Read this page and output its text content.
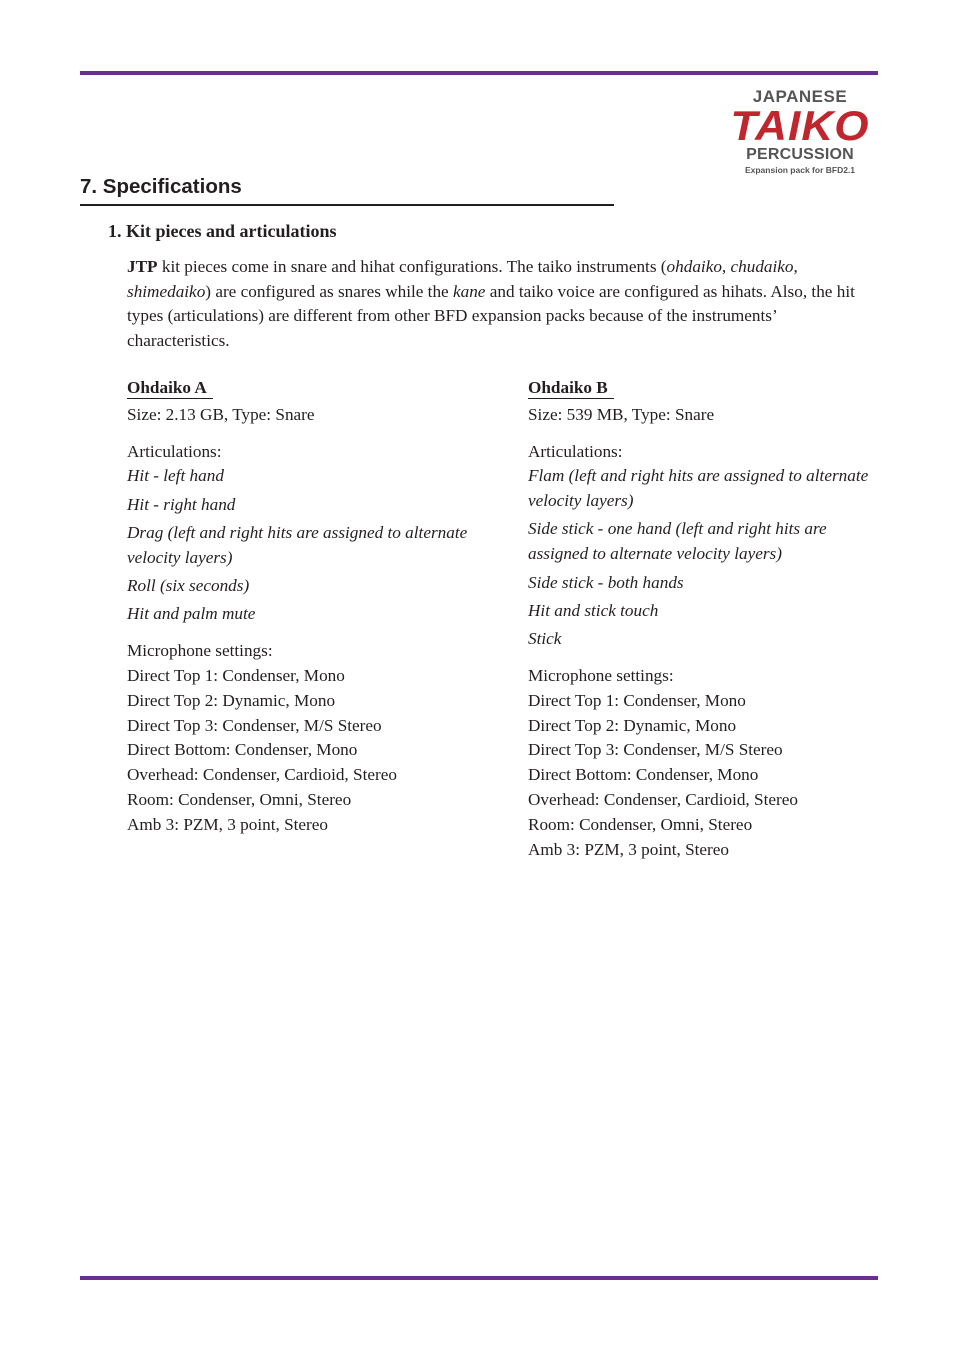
JAPANESE
TAIKO
PERCUSSION
Expansion pack for BFD2.1
7. Specifications
1. Kit pieces and articulations
JTP kit pieces come in snare and hihat configurations. The taiko instruments (ohdaiko, chudaiko, shimedaiko) are configured as snares while the kane and taiko voice are configured as hihats. Also, the hit types (articulations) are different from other BFD expansion packs because of the instruments’ characteristics.
Ohdaiko A
Size: 2.13 GB, Type: Snare
Articulations:
Hit - left hand
Hit - right hand
Drag (left and right hits are assigned to alternate velocity layers)
Roll (six seconds)
Hit and palm mute
Microphone settings:
Direct Top 1: Condenser, Mono
Direct Top 2: Dynamic, Mono
Direct Top 3: Condenser, M/S Stereo
Direct Bottom: Condenser, Mono
Overhead: Condenser, Cardioid, Stereo
Room: Condenser, Omni, Stereo
Amb 3: PZM, 3 point, Stereo
Ohdaiko B
Size: 539 MB, Type: Snare
Articulations:
Flam (left and right hits are assigned to alternate velocity layers)
Side stick - one hand (left and right hits are assigned to alternate velocity layers)
Side stick - both hands
Hit and stick touch
Stick
Microphone settings:
Direct Top 1: Condenser, Mono
Direct Top 2: Dynamic, Mono
Direct Top 3: Condenser, M/S Stereo
Direct Bottom: Condenser, Mono
Overhead: Condenser, Cardioid, Stereo
Room: Condenser, Omni, Stereo
Amb 3: PZM, 3 point, Stereo
